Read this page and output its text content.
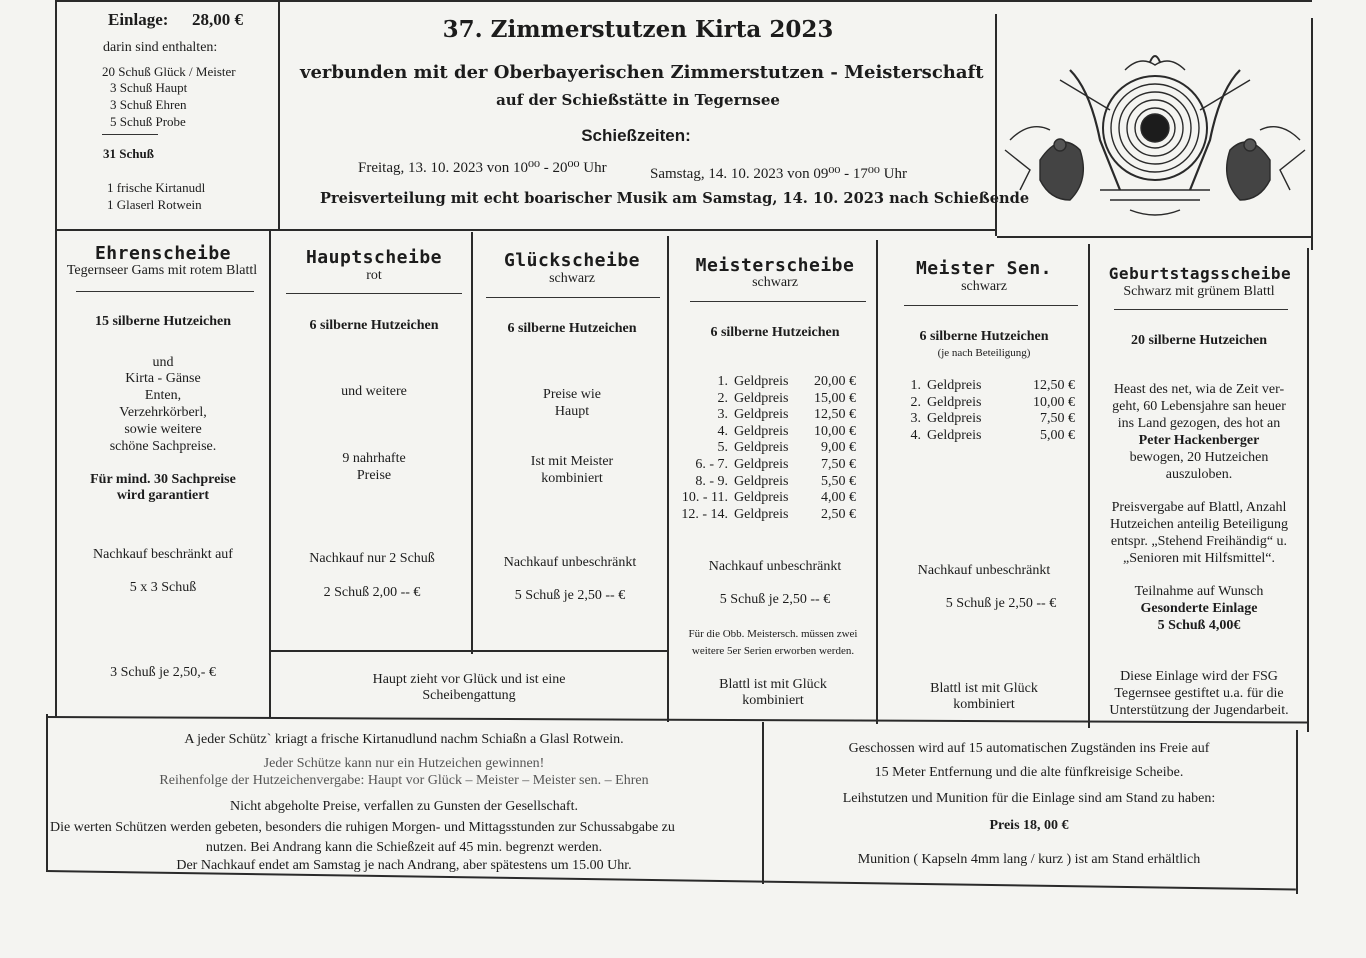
Einlage: 28,00 €
darin sind enthalten:
20 Schuß Glück / Meister
3 Schuß Haupt
3 Schuß Ehren
5 Schuß Probe
31 Schuß
1 frische Kirtanudl
1 Glaserl Rotwein
37. Zimmerstutzen Kirta 2023
verbunden mit der Oberbayerischen Zimmerstutzen - Meisterschaft
auf der Schießstätte in Tegernsee
Schießzeiten:
Freitag, 13. 10. 2023 von 10⁰⁰ - 20⁰⁰ Uhr	Samstag, 14. 10. 2023 von 09⁰⁰ - 17⁰⁰ Uhr
Preisverteilung mit echt boarischer Musik am Samstag, 14. 10. 2023 nach Schießende
Ehrenscheibe
Tegernseer Gams mit rotem Blattl
15 silberne Hutzeichen
und
Kirta - Gänse
Enten,
Verzehrkörberl,
sowie weitere
schöne Sachpreise.
Für mind. 30 Sachpreise
wird garantiert
Nachkauf beschränkt auf
5 x 3 Schuß
3 Schuß je 2,50,- €
Hauptscheibe
rot
6 silberne Hutzeichen
und weitere
9 nahrhafte
Preise
Nachkauf nur 2 Schuß
2 Schuß 2,00 -- €
Glückscheibe
schwarz
6 silberne Hutzeichen
Preise wie
Haupt
Ist mit Meister
kombiniert
Nachkauf unbeschränkt
5 Schuß je 2,50 -- €
Haupt zieht vor Glück und ist eine
Scheibengattung
Meisterscheibe
schwarz
6 silberne Hutzeichen
1. Geldpreis	20,00 €
2. Geldpreis	15,00 €
3. Geldpreis	12,50 €
4. Geldpreis	10,00 €
5. Geldpreis	9,00 €
6. - 7. Geldpreis	7,50 €
8. - 9. Geldpreis	5,50 €
10. - 11. Geldpreis	4,00 €
12. - 14. Geldpreis	2,50 €
Nachkauf unbeschränkt
5 Schuß je 2,50 -- €
Für die Obb. Meistersch. müssen zwei
weitere 5er Serien erworben werden.
Blattl ist mit Glück
kombiniert
Meister Sen.
schwarz
6 silberne Hutzeichen
(je nach Beteiligung)
1. Geldpreis	12,50 €
2. Geldpreis	10,00 €
3. Geldpreis	7,50 €
4. Geldpreis	5,00 €
Nachkauf unbeschränkt
5 Schuß je 2,50 -- €
Blattl ist mit Glück
kombiniert
Geburtstagsscheibe
Schwarz mit grünem Blattl
20 silberne Hutzeichen
Heast des net, wia de Zeit ver-
geht, 60 Lebensjahre san heuer
ins Land gezogen, des hot an
Peter Hackenberger
bewogen, 20 Hutzeichen
auszuloben.
Preisvergabe auf Blattl, Anzahl
Hutzeichen anteilig Beteiligung
entspr. „Stehend Freihändig“ u.
„Senioren mit Hilfsmittel“.
Teilnahme auf Wunsch
Gesonderte Einlage
5 Schuß 4,00€
Diese Einlage wird der FSG
Tegernsee gestiftet u.a. für die
Unterstützung der Jugendarbeit.
A jeder Schütz` kriagt a frische Kirtanudlund nachm Schiaßn a Glasl Rotwein.
Jeder Schütze kann nur ein Hutzeichen gewinnen!
Reihenfolge der Hutzeichenvergabe: Haupt vor Glück – Meister – Meister sen. – Ehren
Nicht abgeholte Preise, verfallen zu Gunsten der Gesellschaft.
Die werten Schützen werden gebeten, besonders die ruhigen Morgen- und Mittagsstunden zur Schussabgabe zu
nutzen. Bei Andrang kann die Schießzeit auf 45 min. begrenzt werden.
Der Nachkauf endet am Samstag je nach Andrang, aber spätestens um 15.00 Uhr.
Geschossen wird auf 15 automatischen Zugständen ins Freie auf
15 Meter Entfernung und die alte fünfkreisige Scheibe.
Leihstutzen und Munition für die Einlage sind am Stand zu haben:
Preis 18, 00 €
Munition ( Kapseln 4mm lang / kurz ) ist am Stand erhältlich
